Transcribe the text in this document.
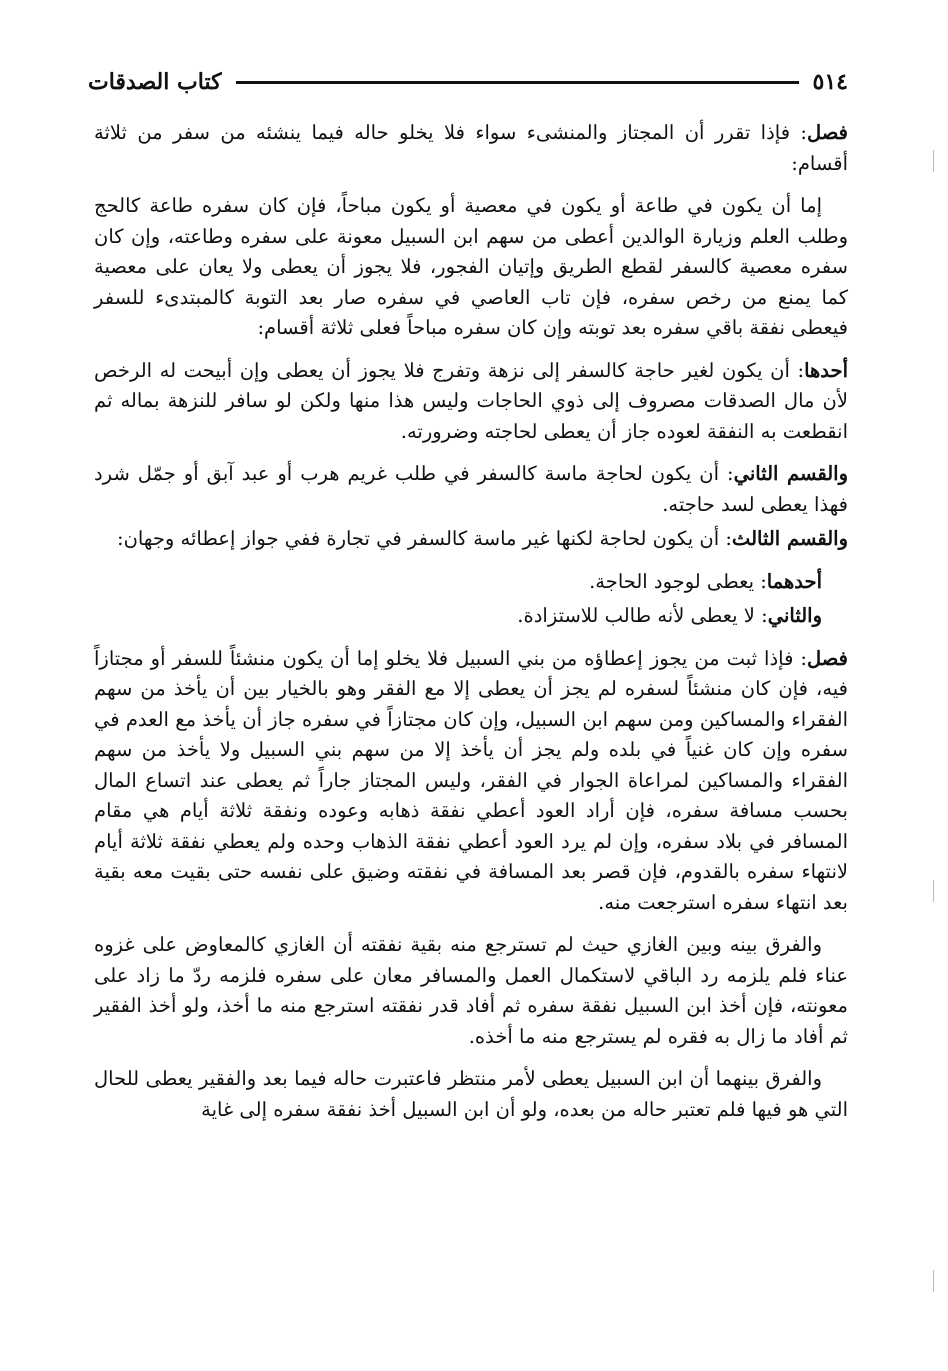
٥١٤
كتاب الصدقات

فصل: فإذا تقرر أن المجتاز والمنشىء سواء فلا يخلو حاله فيما ينشئه من سفر من ثلاثة أقسام:

إما أن يكون في طاعة أو يكون في معصية أو يكون مباحاً، فإن كان سفره طاعة كالحج وطلب العلم وزيارة الوالدين أعطى من سهم ابن السبيل معونة على سفره وطاعته، وإن كان سفره معصية كالسفر لقطع الطريق وإتيان الفجور، فلا يجوز أن يعطى ولا يعان على معصية كما يمنع من رخص سفره، فإن تاب العاصي في سفره صار بعد التوبة كالمبتدىء للسفر فيعطى نفقة باقي سفره بعد توبته وإن كان سفره مباحاً فعلى ثلاثة أقسام:

أحدها: أن يكون لغير حاجة كالسفر إلى نزهة وتفرج فلا يجوز أن يعطى وإن أبيحت له الرخص لأن مال الصدقات مصروف إلى ذوي الحاجات وليس هذا منها ولكن لو سافر للنزهة بماله ثم انقطعت به النفقة لعوده جاز أن يعطى لحاجته وضرورته.

والقسم الثاني: أن يكون لحاجة ماسة كالسفر في طلب غريم هرب أو عبد آبق أو جمّل شرد فهذا يعطى لسد حاجته.

والقسم الثالث: أن يكون لحاجة لكنها غير ماسة كالسفر في تجارة ففي جواز إعطائه وجهان:

أحدهما: يعطى لوجود الحاجة.

والثاني: لا يعطى لأنه طالب للاستزادة.

فصل: فإذا ثبت من يجوز إعطاؤه من بني السبيل فلا يخلو إما أن يكون منشئاً للسفر أو مجتازاً فيه، فإن كان منشئاً لسفره لم يجز أن يعطى إلا مع الفقر وهو بالخيار بين أن يأخذ من سهم الفقراء والمساكين ومن سهم ابن السبيل، وإن كان مجتازاً في سفره جاز أن يأخذ مع العدم في سفره وإن كان غنياً في بلده ولم يجز أن يأخذ إلا من سهم بني السبيل ولا يأخذ من سهم الفقراء والمساكين لمراعاة الجوار في الفقر، وليس المجتاز جاراً ثم يعطى عند اتساع المال بحسب مسافة سفره، فإن أراد العود أعطي نفقة ذهابه وعوده ونفقة ثلاثة أيام هي مقام المسافر في بلاد سفره، وإن لم يرد العود أعطي نفقة الذهاب وحده ولم يعطي نفقة ثلاثة أيام لانتهاء سفره بالقدوم، فإن قصر بعد المسافة في نفقته وضيق على نفسه حتى بقيت معه بقية بعد انتهاء سفره استرجعت منه.

والفرق بينه وبين الغازي حيث لم تسترجع منه بقية نفقته أن الغازي كالمعاوض على غزوه عناء فلم يلزمه رد الباقي لاستكمال العمل والمسافر معان على سفره فلزمه ردّ ما زاد على معونته، فإن أخذ ابن السبيل نفقة سفره ثم أفاد قدر نفقته استرجع منه ما أخذ، ولو أخذ الفقير ثم أفاد ما زال به فقره لم يسترجع منه ما أخذه.

والفرق بينهما أن ابن السبيل يعطى لأمر منتظر فاعتبرت حاله فيما بعد والفقير يعطى للحال التي هو فيها فلم تعتبر حاله من بعده، ولو أن ابن السبيل أخذ نفقة سفره إلى غاية
